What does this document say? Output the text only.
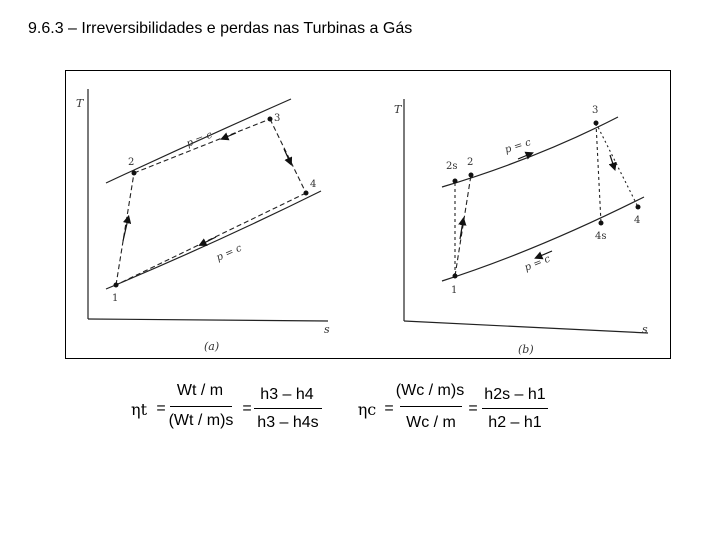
9.6.3 – Irreversibilidades e perdas nas Turbinas a Gás
T
s
(a)
1
2
3
4
p = c
p = c
T
s
(b)
1
2s 2
3
4s
4
p = c
p = c
ηt =
Wt / m
(Wt / m)s
=
h3 – h4
h3 – h4s
ηc =
(Wc / m)s
Wc / m
=
h2s – h1
h2 – h1
